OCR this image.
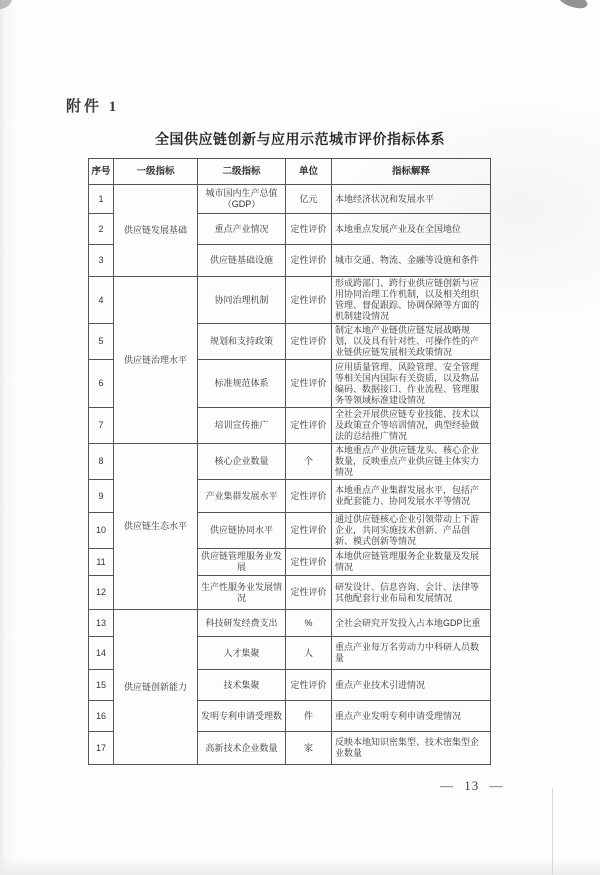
附件 1
全国供应链创新与应用示范城市评价指标体系
序号	一级指标	二级指标	单位	指标解释
1	供应链发展基础	城市国内生产总值（GDP）	亿元	本地经济状况和发展水平
2		重点产业情况	定性评价	本地重点发展产业及在全国地位
3		供应链基础设施	定性评价	城市交通、物流、金融等设施和条件
4	供应链治理水平	协同治理机制	定性评价	形成跨部门、跨行业供应链创新与应用协同治理工作机制，以及相关组织管理、督促跟踪、协调保障等方面的机制建设情况
5		规划和支持政策	定性评价	制定本地产业链供应链发展战略规划，以及具有针对性、可操作性的产业链供应链发展相关政策情况
6		标准规范体系	定性评价	应用质量管理、风险管理、安全管理等相关国内国际有关资质，以及物品编码、数据接口、作业流程、管理服务等领域标准建设情况
7		培训宣传推广	定性评价	全社会开展供应链专业技能、技术以及政策宣介等培训情况，典型经验做法的总结推广情况
8	供应链生态水平	核心企业数量	个	本地重点产业供应链龙头、核心企业数量，反映重点产业供应链主体实力情况
9		产业集群发展水平	定性评价	本地重点产业集群发展水平，包括产业配套能力、协同发展水平等情况
10		供应链协同水平	定性评价	通过供应链核心企业引领带动上下游企业，共同实施技术创新、产品创新、模式创新等情况
11		供应链管理服务业发展	定性评价	本地供应链管理服务企业数量及发展情况
12		生产性服务业发展情况	定性评价	研发设计、信息咨询、会计、法律等其他配套行业布局和发展情况
13	供应链创新能力	科技研发经费支出	%	全社会研究开发投入占本地GDP比重
14		人才集聚	人	重点产业每万名劳动力中科研人员数量
15		技术集聚	定性评价	重点产业技术引进情况
16		发明专利申请受理数	件	重点产业发明专利申请受理情况
17		高新技术企业数量	家	反映本地知识密集型、技术密集型企业数量
— 13 —
